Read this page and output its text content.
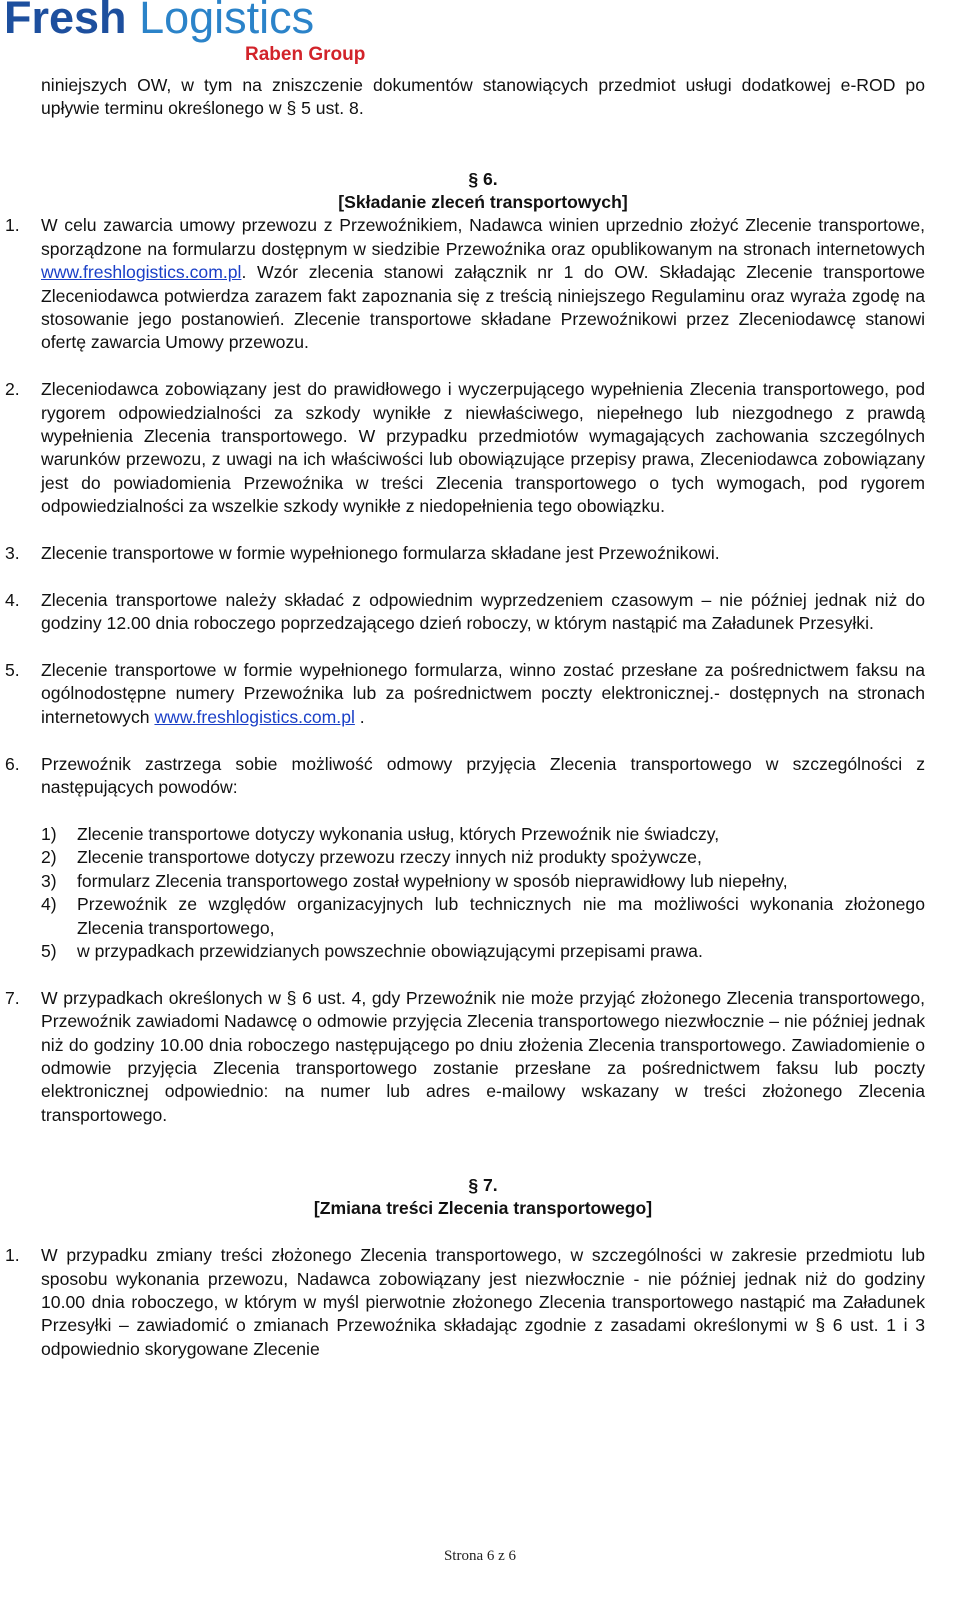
Fresh Logistics
Raben Group

niniejszych OW, w tym na zniszczenie dokumentów stanowiących przedmiot usługi dodatkowej e-ROD po upływie terminu określonego w § 5 ust. 8.

§ 6.

[Składanie zleceń transportowych]

1. W celu zawarcia umowy przewozu z Przewoźnikiem, Nadawca winien uprzednio złożyć Zlecenie transportowe, sporządzone na formularzu dostępnym w siedzibie Przewoźnika oraz opublikowanym na stronach internetowych www.freshlogistics.com.pl. Wzór zlecenia stanowi załącznik nr 1 do OW. Składając Zlecenie transportowe Zleceniodawca potwierdza zarazem fakt zapoznania się z treścią niniejszego Regulaminu oraz wyraża zgodę na stosowanie jego postanowień. Zlecenie transportowe składane Przewoźnikowi przez Zleceniodawcę stanowi ofertę zawarcia Umowy przewozu.
2. Zleceniodawca zobowiązany jest do prawidłowego i wyczerpującego wypełnienia Zlecenia transportowego, pod rygorem odpowiedzialności za szkody wynikłe z niewłaściwego, niepełnego lub niezgodnego z prawdą wypełnienia Zlecenia transportowego. W przypadku przedmiotów wymagających zachowania szczególnych warunków przewozu, z uwagi na ich właściwości lub obowiązujące przepisy prawa, Zleceniodawca zobowiązany jest do powiadomienia Przewoźnika w treści Zlecenia transportowego o tych wymogach, pod rygorem odpowiedzialności za wszelkie szkody wynikłe z niedopełnienia tego obowiązku.
3. Zlecenie transportowe w formie wypełnionego formularza składane jest Przewoźnikowi.
4. Zlecenia transportowe należy składać z odpowiednim wyprzedzeniem czasowym – nie później jednak niż do godziny 12.00 dnia roboczego poprzedzającego dzień roboczy, w którym nastąpić ma Załadunek Przesyłki.
5. Zlecenie transportowe w formie wypełnionego formularza, winno zostać przesłane za pośrednictwem faksu na ogólnodostępne numery Przewoźnika lub za pośrednictwem poczty elektronicznej.- dostępnych na stronach internetowych www.freshlogistics.com.pl .
6. Przewoźnik zastrzega sobie możliwość odmowy przyjęcia Zlecenia transportowego w szczególności z następujących powodów:
1) Zlecenie transportowe dotyczy wykonania usług, których Przewoźnik nie świadczy,
2) Zlecenie transportowe dotyczy przewozu rzeczy innych niż produkty spożywcze,
3) formularz Zlecenia transportowego został wypełniony w sposób nieprawidłowy lub niepełny,
4) Przewoźnik ze względów organizacyjnych lub technicznych nie ma możliwości wykonania złożonego Zlecenia transportowego,
5) w przypadkach przewidzianych powszechnie obowiązującymi przepisami prawa.
7. W przypadkach określonych w § 6 ust. 4, gdy Przewoźnik nie może przyjąć złożonego Zlecenia transportowego, Przewoźnik zawiadomi Nadawcę o odmowie przyjęcia Zlecenia transportowego niezwłocznie – nie później jednak niż do godziny 10.00 dnia roboczego następującego po dniu złożenia Zlecenia transportowego. Zawiadomienie o odmowie przyjęcia Zlecenia transportowego zostanie przesłane za pośrednictwem faksu lub poczty elektronicznej odpowiednio: na numer lub adres e-mailowy wskazany w treści złożonego Zlecenia transportowego.

§ 7.

[Zmiana treści Zlecenia transportowego]

1. W przypadku zmiany treści złożonego Zlecenia transportowego, w szczególności w zakresie przedmiotu lub sposobu wykonania przewozu, Nadawca zobowiązany jest niezwłocznie - nie później jednak niż do godziny 10.00 dnia roboczego, w którym w myśl pierwotnie złożonego Zlecenia transportowego nastąpić ma Załadunek Przesyłki – zawiadomić o zmianach Przewoźnika składając zgodnie z zasadami określonymi w § 6 ust. 1 i 3 odpowiednio skorygowane Zlecenie
Strona 6 z 6
